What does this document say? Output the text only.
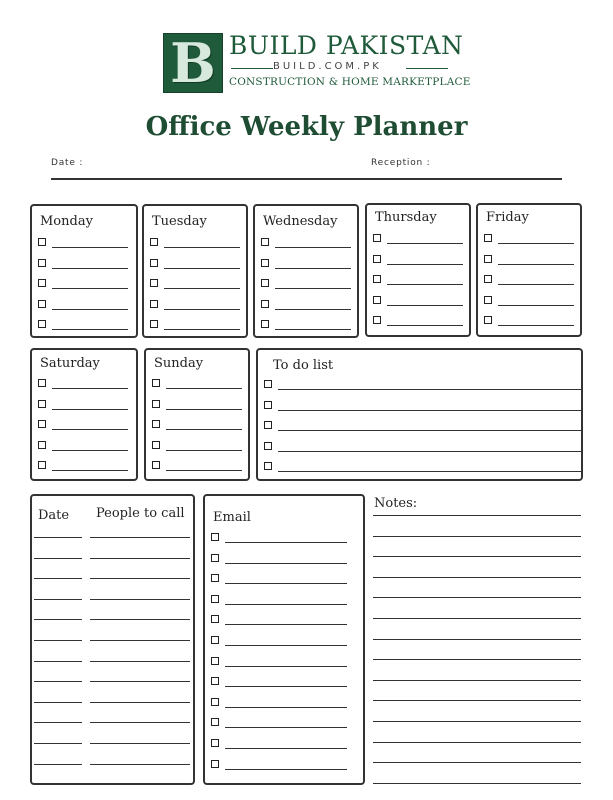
B BUILD PAKISTAN
BUILD.COM.PK
CONSTRUCTION & HOME MARKETPLACE
Office Weekly Planner
Date :	Reception :
Monday	Tuesday	Wednesday	Thursday	Friday
Saturday	Sunday	To do list
Date People to call Email
Notes:
